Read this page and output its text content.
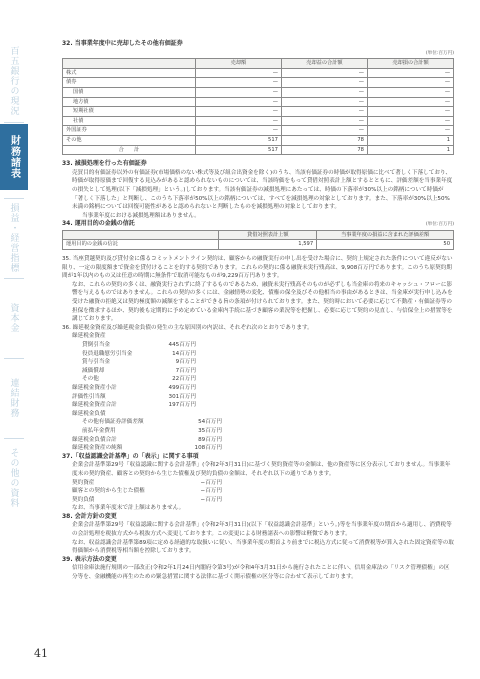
百五銀行の現況
財務諸表
損益・経営指標
資本金
連結財務
その他の資料
32. 当事業年度中に売却したその他有価証券
(単位:百万円)
	売却額	売却益の合計額	売却損の合計額
株式	—	—	—
債券	—	—	—
国債	—	—	—
地方債	—	—	—
短期社債	—	—	—
社債	—	—	—
外国証券	—	—	—
その他	517	78	1
合　　計	517	78	1
33. 減損処理を行った有価証券

売買目的有価証券以外の有価証券(市場価格のない株式等及び組合出資金を除く)のうち、当該有価証券の時価が取得原価に比べて著しく下落しており、時価が取得原価まで回復する見込みがあると認められないものについては、当該時価をもって貸借対照表計上額とするとともに、評価差額を当事業年度の損失として処理(以下「減損処理」という。)しております。当該有価証券の減損処理にあたっては、時価の下落率が30%以上の銘柄について時価が「著しく下落した」と判断し、このうち下落率が50%以上の銘柄については、すべてを減損処理の対象としております。また、下落率が30%以上50%未満の銘柄については回復可能性があると認められないと判断したものを減損処理の対象としております。

当事業年度における減損処理額はありません。

34. 運用目的の金銭の信託	(単位:百万円)
	貸借対照表計上額	当事業年度の損益に含まれた評価差額
運用目的の金銭の信託	1,597	50

35. 当座貸越契約及び貸付金に係るコミットメントライン契約は、顧客からの融資実行の申し出を受けた場合に、契約上規定された条件について違反がない限り、一定の限度額まで資金を貸付けることを約する契約であります。これらの契約に係る融資未実行残高は、9,908百万円であります。このうち原契約期間が1年以内のもの又は任意の時期に無条件で取消可能なものが9,229百万円あります。

なお、これらの契約の多くは、融資実行されずに終了するものであるため、融資未実行残高そのものが必ずしも当金庫の将来のキャッシュ・フローに影響を与えるものではありません。これらの契約の多くには、金融情勢の変化、債権の保全及びその他相当の事由があるときは、当金庫が実行申し込みを受けた融資の拒絶又は契約極度額の減額をすることができる旨の条項が付けられております。また、契約時において必要に応じて不動産・有価証券等の担保を徴求するほか、契約後も定期的に予め定めている金庫内手続に基づき顧客の業況等を把握し、必要に応じて契約の見直し、与信保全上の措置等を講じております。

36. 繰延税金資産及び繰延税金負債の発生の主な原因別の内訳は、それぞれ次のとおりであります。

繰延税金資産
貸倒引当金	445百万円
役員退職慰労引当金	14百万円
賞与引当金	9百万円
減価償却	7百万円
その他	22百万円
繰延税金資産小計	499百万円
評価性引当額	301百万円
繰延税金資産合計	197百万円
繰延税金負債
その他有価証券評価差額	54百万円
前払年金費用	35百万円
繰延税金負債合計	89百万円
繰延税金資産の純額	108百万円
37.「収益認識会計基準」の「表示」に関する事項

企業会計基準第29号「収益認識に関する会計基準」(令和2年3月31日)に基づく契約資産等の金額は、他の資産等に区分表示しておりません。当事業年度末の契約資産、顧客との契約から生じた債権及び契約負債の金額は、それぞれ以下の通りであります。

契約資産	−百万円
顧客との契約から生じた債権	−百万円
契約負債	−百万円

なお、当事業年度末で計上額はありません。

38. 会計方針の変更

企業会計基準第29号「収益認識に関する会計基準」(令和2年3月31日)(以下「収益認識会計基準」という。)等を当事業年度の期首から適用し、消費税等の会計処理を税抜方式から税抜方式へ変更しております。この変更による財務諸表への影響は軽微であります。

なお、収益認識会計基準第89項に定める経過的な取扱いに従い、当事業年度の期首より前までに税込方式に従って消費税等が算入された固定資産等の取得価額から消費税等相当額を控除しております。

39. 表示方法の変更

信用金庫法施行規則の一部改正(令和2年1月24日内閣府令第3号)が令和4年3月31日から施行されたことに伴い、信用金庫法の「リスク管理債権」の区分等を、金融機能の再生のための緊急措置に関する法律に基づく開示債権の区分等に合わせて表示しております。

41
